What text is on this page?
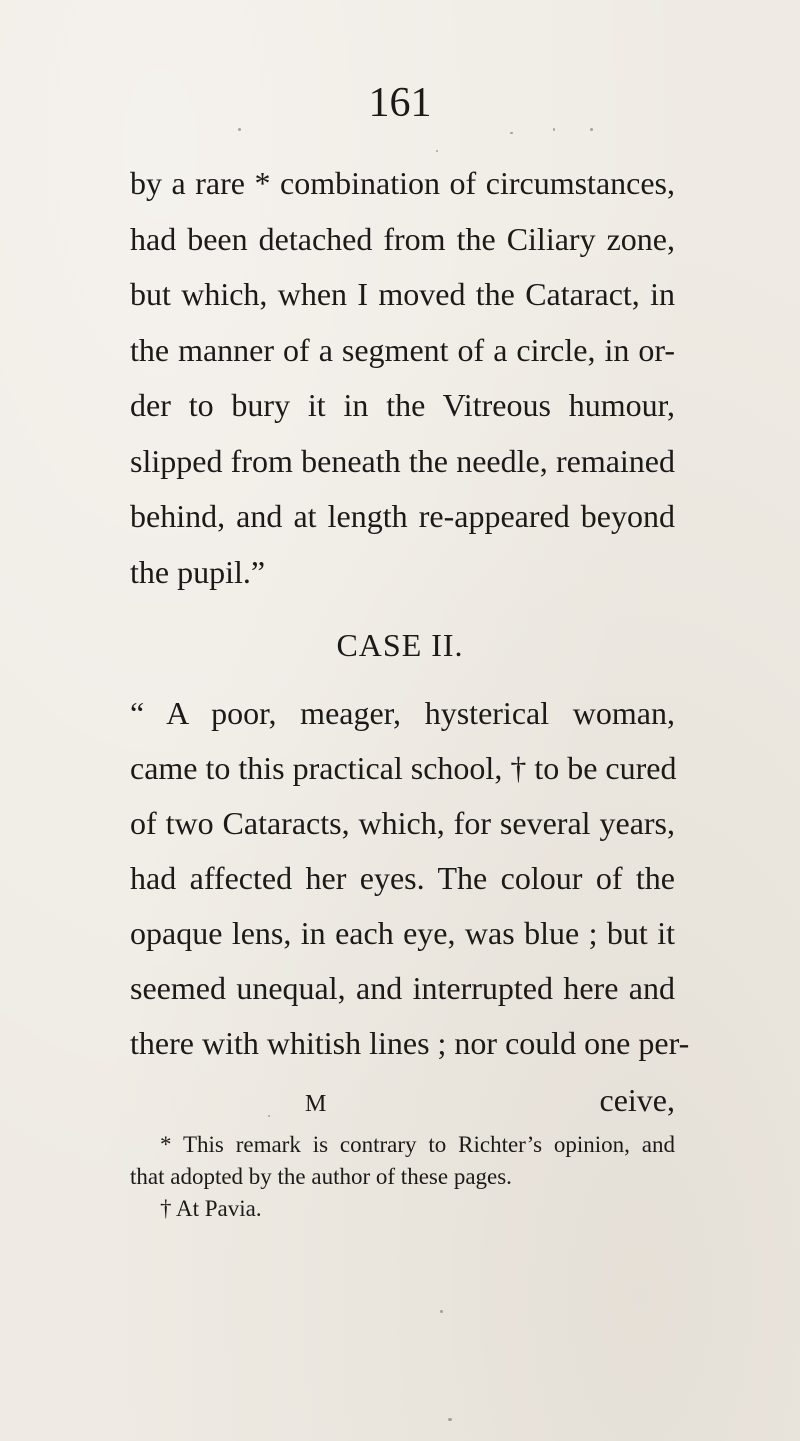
161
by a rare * combination of circumstances,
had been detached from the Ciliary zone,
but which, when I moved the Cataract, in
the manner of a segment of a circle, in or-
der to bury it in the Vitreous humour,
slipped from beneath the needle, remained
behind, and at length re-appeared beyond
the pupil.”
CASE II.
“ A poor, meager, hysterical woman,
came to this practical school, † to be cured
of two Cataracts, which, for several years,
had affected her eyes. The colour of the
opaque lens, in each eye, was blue ; but it
seemed unequal, and interrupted here and
there with whitish lines ; nor could one per-
M	ceive,
* This remark is contrary to Richter’s opinion, and
that adopted by the author of these pages.
† At Pavia.
